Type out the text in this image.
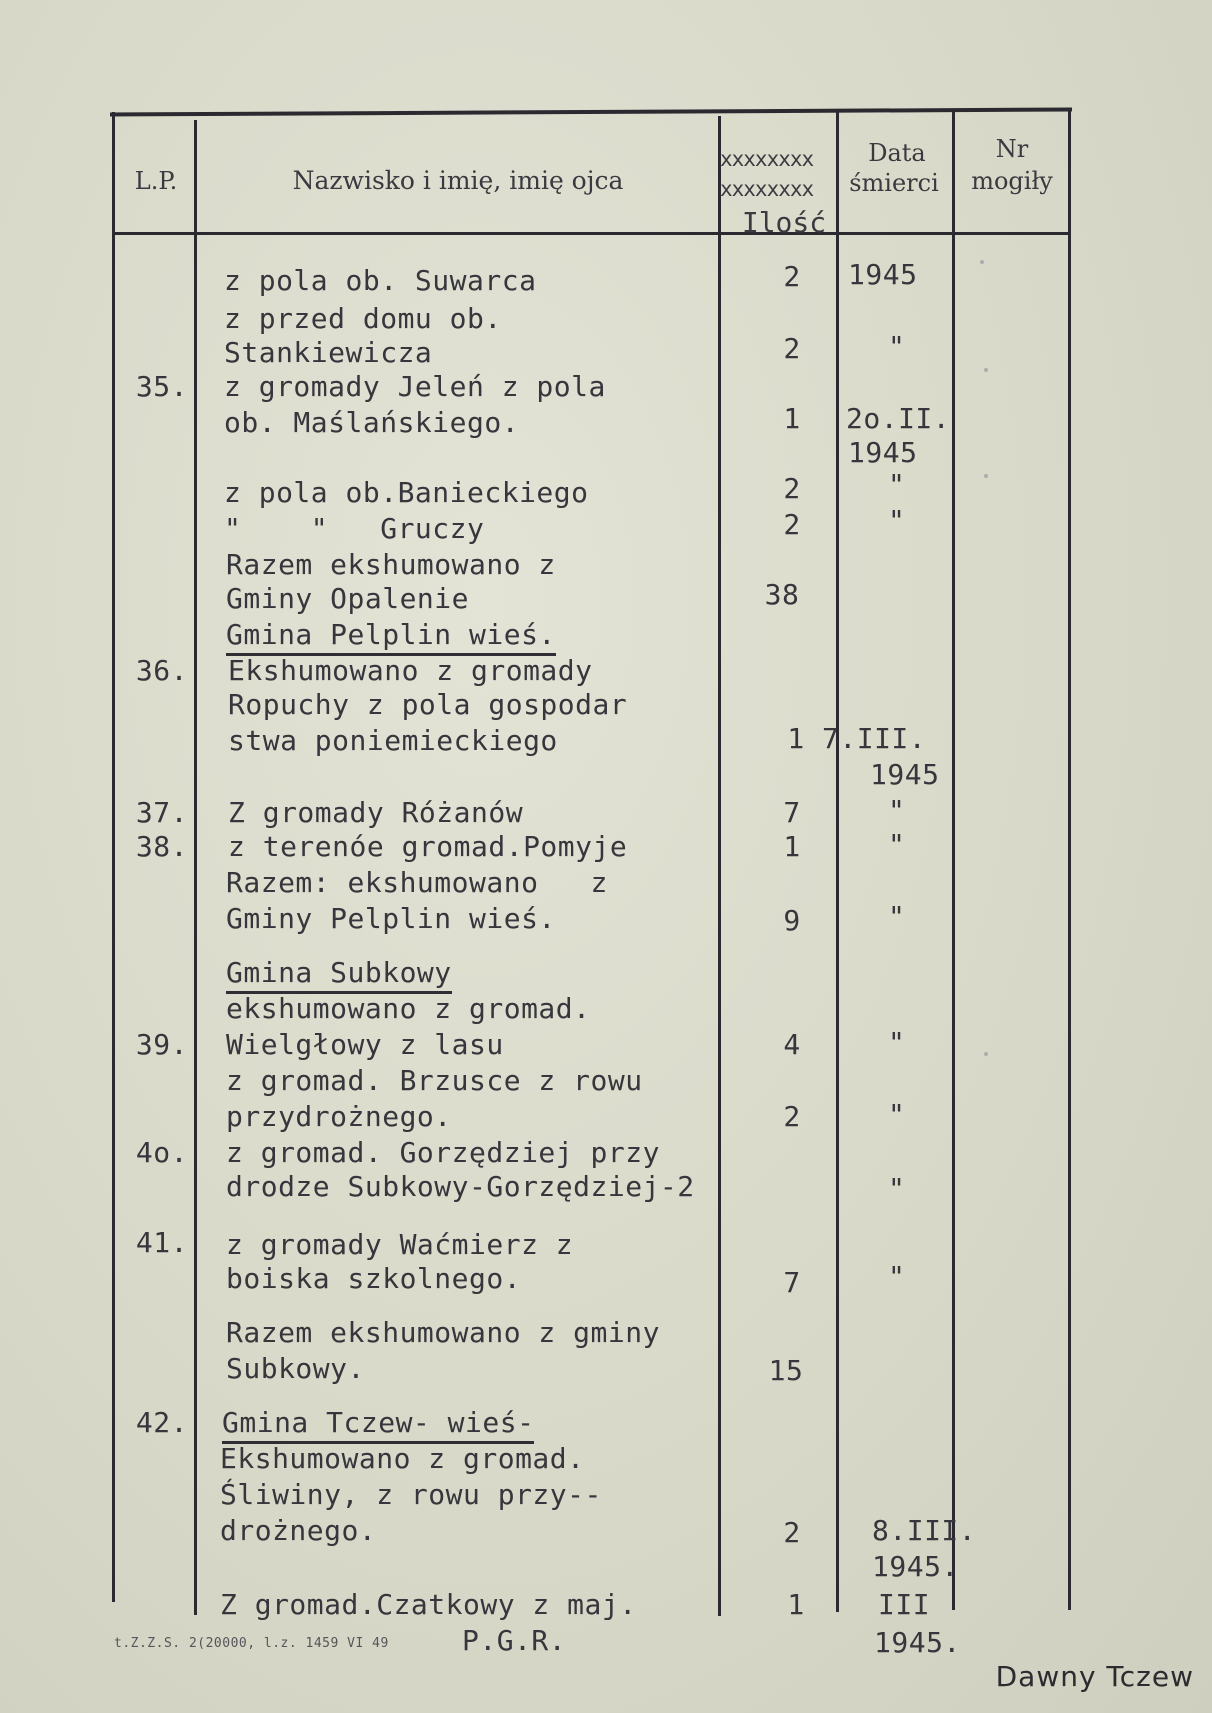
L.P.	Nazwisko i imię, imię ojca
xxxxxxxx
xxxxxxxx
Ilość
Data
śmierci
Nr
mogiły
z pola ob. Suwarca	2	1945
z przed domu ob.
Stankiewicza	2	"
35. z gromady Jeleń z pola
ob. Maślańskiego.	1	2o.II.
1945
z pola ob.Banieckiego	2	"
"    "   Gruczy	2	"
Razem ekshumowano z
Gminy Opalenie	38
Gmina Pelplin wieś.
36. Ekshumowano z gromady
Ropuchy z pola gospodar
stwa poniemieckiego	1 7.III.
1945
37. Z gromady Różanów	7	"
38. z terenóe gromad.Pomyje	1	"
Razem: ekshumowano   z
Gminy Pelplin wieś.	9	"
Gmina Subkowy
ekshumowano z gromad.
39. Wielgłowy z lasu	4	"
z gromad. Brzusce z rowu
przydrożnego.	2	"
4o. z gromad. Gorzędziej przy
drodze Subkowy-Gorzędziej-2	"
41. z gromady Waćmierz z
boiska szkolnego.	7	"
Razem ekshumowano z gminy
Subkowy.	15
42. Gmina Tczew- wieś-
Ekshumowano z gromad.
Śliwiny, z rowu przy--
drożnego.	2	8.III.
1945.
Z gromad.Czatkowy z maj.	1	III
P.G.R.	1945.
t.Z.Z.S. 2(20000, l.z. 1459 VI 49
Dawny Tczew
